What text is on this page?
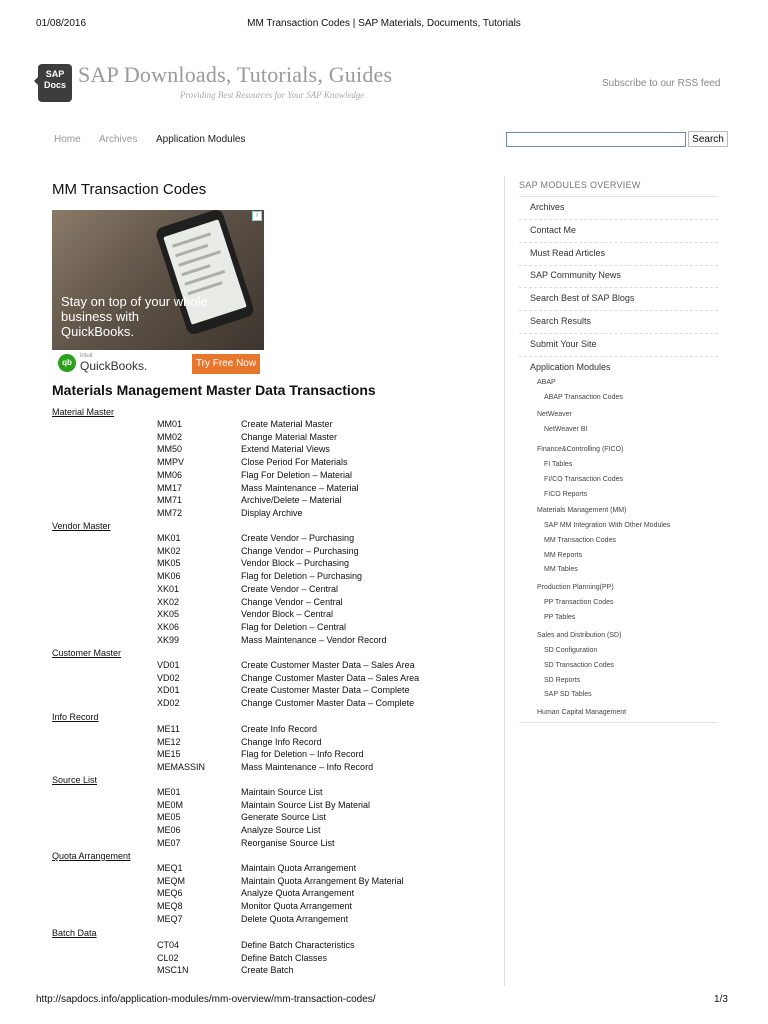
01/08/2016	MM Transaction Codes | SAP Materials, Documents, Tutorials
http://sapdocs.info/application-modules/mm-overview/mm-transaction-codes/	1/3
SAP
Docs SAP Downloads, Tutorials, Guides
Providing Best Resources for Your SAP Knowledge
Subscribe to our RSS feed
Home Archives Application Modules	Search
MM Transaction Codes
i
Stay on top of your whole business with QuickBooks.
qb
intuit
QuickBooks.	Try Free Now
Materials Management Master Data Transactions
Material Master
MM01	Create Material Master
MM02	Change Material Master
MM50	Extend Material Views
MMPV	Close Period For Materials
MM06	Flag For Deletion – Material
MM17	Mass Maintenance – Material
MM71	Archive/Delete – Material
MM72	Display Archive
Vendor Master
MK01	Create Vendor – Purchasing
MK02	Change Vendor – Purchasing
MK05	Vendor Block – Purchasing
MK06	Flag for Deletion – Purchasing
XK01	Create Vendor – Central
XK02	Change Vendor – Central
XK05	Vendor Block – Central
XK06	Flag for Deletion – Central
XK99	Mass Maintenance – Vendor Record
Customer Master
VD01	Create Customer Master Data – Sales Area
VD02	Change Customer Master Data – Sales Area
XD01	Create Customer Master Data – Complete
XD02	Change Customer Master Data – Complete
Info Record
ME11	Create Info Record
ME12	Change Info Record
ME15	Flag for Deletion – Info Record
MEMASSIN	Mass Maintenance – Info Record
Source List
ME01	Maintain Source List
ME0M	Maintain Source List By Material
ME05	Generate Source List
ME06	Analyze Source List
ME07	Reorganise Source List
Quota Arrangement
MEQ1	Maintain Quota Arrangement
MEQM	Maintain Quota Arrangement By Material
MEQ6	Analyze Quota Arrangement
MEQ8	Monitor Quota Arrangement
MEQ7	Delete Quota Arrangement
Batch Data
CT04	Define Batch Characteristics
CL02	Define Batch Classes
MSC1N	Create Batch
SAP MODULES OVERVIEW
Archives
Contact Me
Must Read Articles
SAP Community News
Search Best of SAP Blogs
Search Results
Submit Your Site
Application Modules
ABAP
ABAP Transaction Codes
NetWeaver
NetWeaver BI
Finance&Controlling (FICO)
FI Tables
FI/CO Transaction Codes
FICO Reports
Materials Management (MM)
SAP MM Integration With Other Modules
MM Transaction Codes
MM Reports
MM Tables
Production Planning(PP)
PP Transaction Codes
PP Tables
Sales and Distribution (SD)
SD Configuration
SD Transaction Codes
SD Reports
SAP SD Tables
Human Capital Management
